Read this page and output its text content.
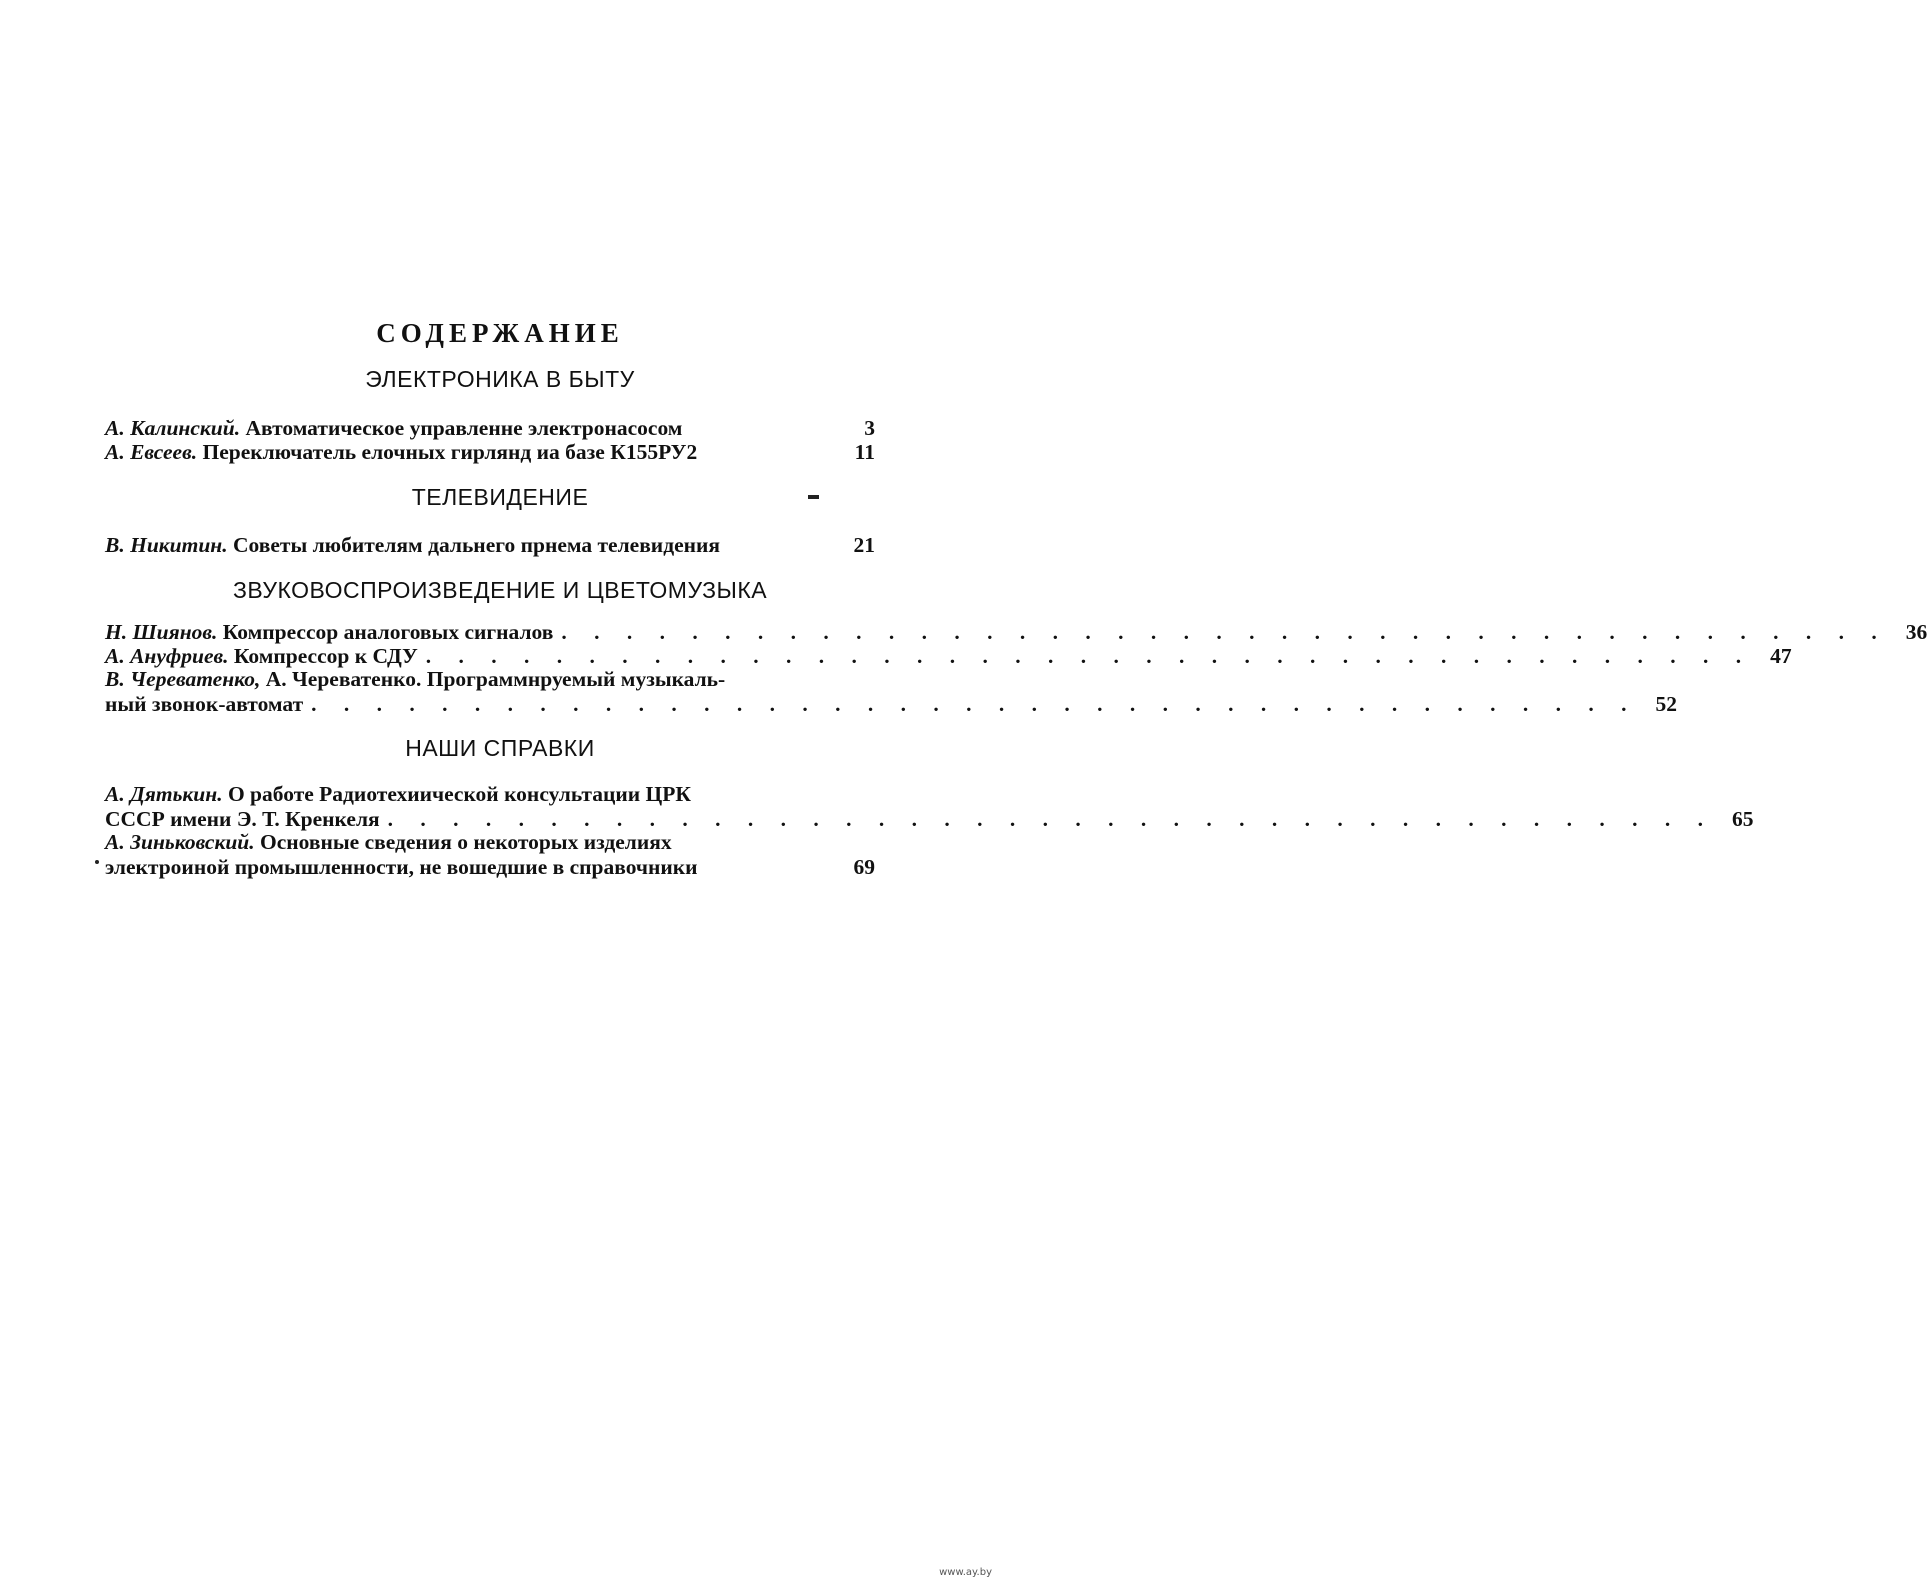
СОДЕРЖАНИЕ
ЭЛЕКТРОНИКА В БЫТУ
А. Калинский. Автоматическое управленне электронасосом	3
А. Евсеев. Переключатель елочных гирлянд иа базе К155РУ2	11
ТЕЛЕВИДЕНИЕ
В. Никитин. Советы любителям дальнего прнема телевидения	21
ЗВУКОВОСПРОИЗВЕДЕНИЕ И ЦВЕТОМУЗЫКА
Н. Шиянов. Компрессор аналоговых сигналов . . . . . . . . . . . . . . . . . . . . . . . . . . . . . . . . . . . . . . . . . 36
А. Ануфриев. Компрессор к СДУ . . . . . . . . . . . . . . . . . . . . . . . . . . . . . . . . . . . . . . . . . 47
В. Череватенко, А. Череватенко. Программнруемый музыкаль-
ный звонок-автомат . . . . . . . . . . . . . . . . . . . . . . . . . . . . . . . . . . . . . . . . . 52
НАШИ СПРАВКИ
А. Дятькин. О работе Радиотехиической консультации ЦРК
СССР имени Э. Т. Кренкеля . . . . . . . . . . . . . . . . . . . . . . . . . . . . . . . . . . . . . . . . . 65
А. Зиньковский. Основные сведения о некоторых изделиях
электроиной промышленности, не вошедшие в справочники	69
www.ay.by
